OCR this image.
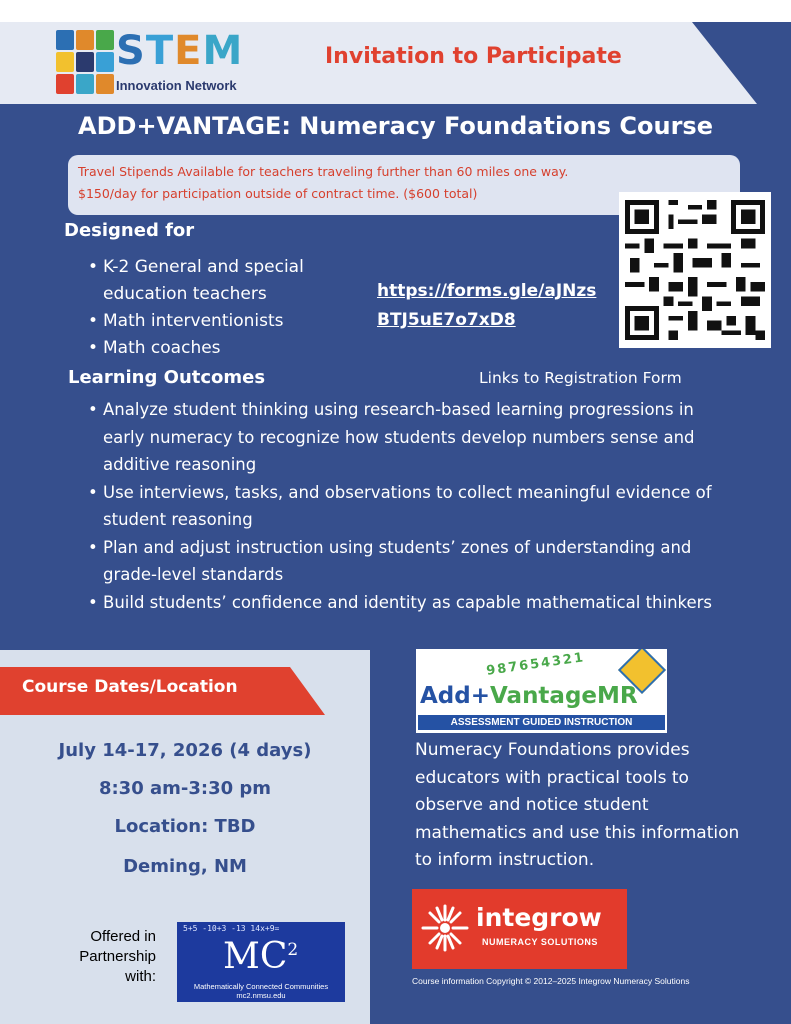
STEM
Innovation Network
Invitation to Participate
ADD+VANTAGE: Numeracy Foundations Course
Travel Stipends Available for teachers traveling further than 60 miles one way.
$150/day for participation outside of contract time. ($600 total)
Designed for
• K-2 General and special education teachers
• Math interventionists
• Math coaches
https://forms.gle/aJNzsBTJ5uE7o7xD8
Learning Outcomes	Links to Registration Form
• Analyze student thinking using research-based learning progressions in early numeracy to recognize how students develop numbers sense and additive reasoning
• Use interviews, tasks, and observations to collect meaningful evidence of student reasoning
• Plan and adjust instruction using students’ zones of understanding and grade-level standards
• Build students’ confidence and identity as capable mathematical thinkers
Course Dates/Location
July 14-17, 2026 (4 days)
8:30 am-3:30 pm
Location: TBD
Deming, NM
Offered in Partnership with:
5+5 -10+3 -13 14x+9=
$MC^2$
Mathematically Connected Communities
mc2.nmsu.edu
987654321
Add+VantageMR
ASSESSMENT GUIDED INSTRUCTION
Numeracy Foundations provides educators with practical tools to observe and notice student mathematics and use this information to inform instruction.
integrow
NUMERACY SOLUTIONS
Course information Copyright © 2012–2025 Integrow Numeracy Solutions
